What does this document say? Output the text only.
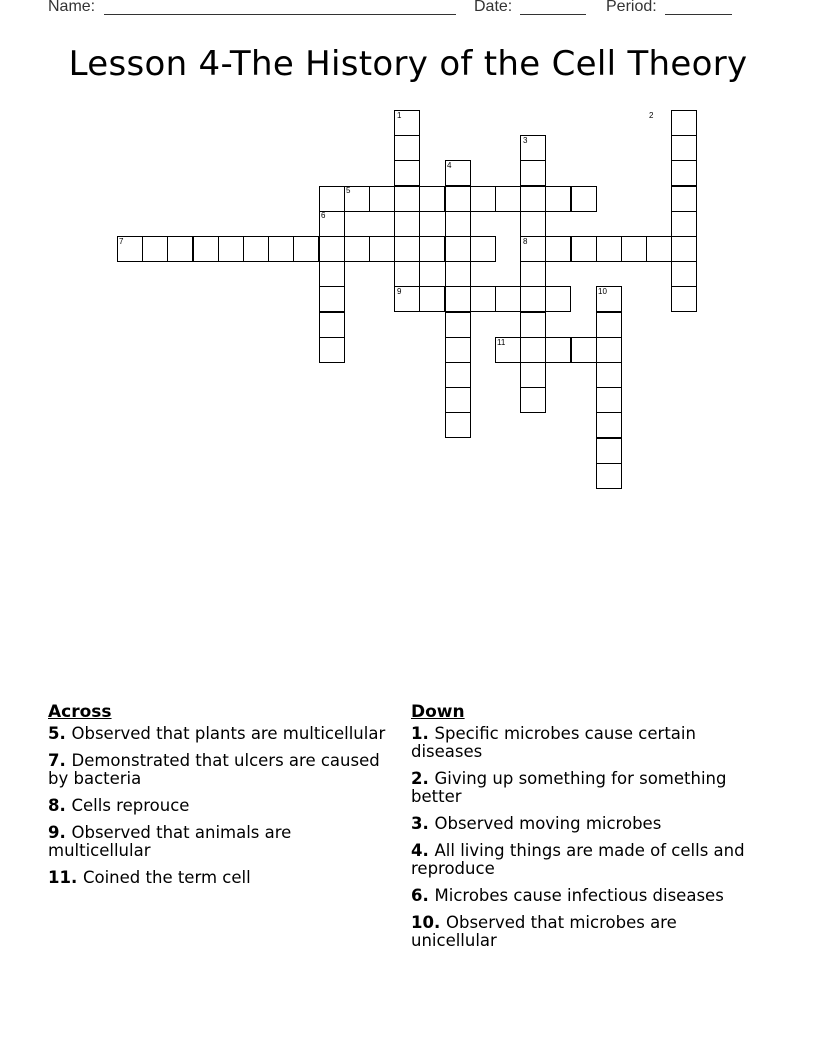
Name:	Date:	Period:
Lesson 4-The History of the Cell Theory
1	2
3
4
5
6
7	8
9	10
11
Across
5. Observed that plants are multicellular
7. Demonstrated that ulcers are caused by bacteria
8. Cells reprouce
9. Observed that animals are multicellular
11. Coined the term cell
Down
1. Specific microbes cause certain diseases
2. Giving up something for something better
3. Observed moving microbes
4. All living things are made of cells and reproduce
6. Microbes cause infectious diseases
10. Observed that microbes are unicellular
